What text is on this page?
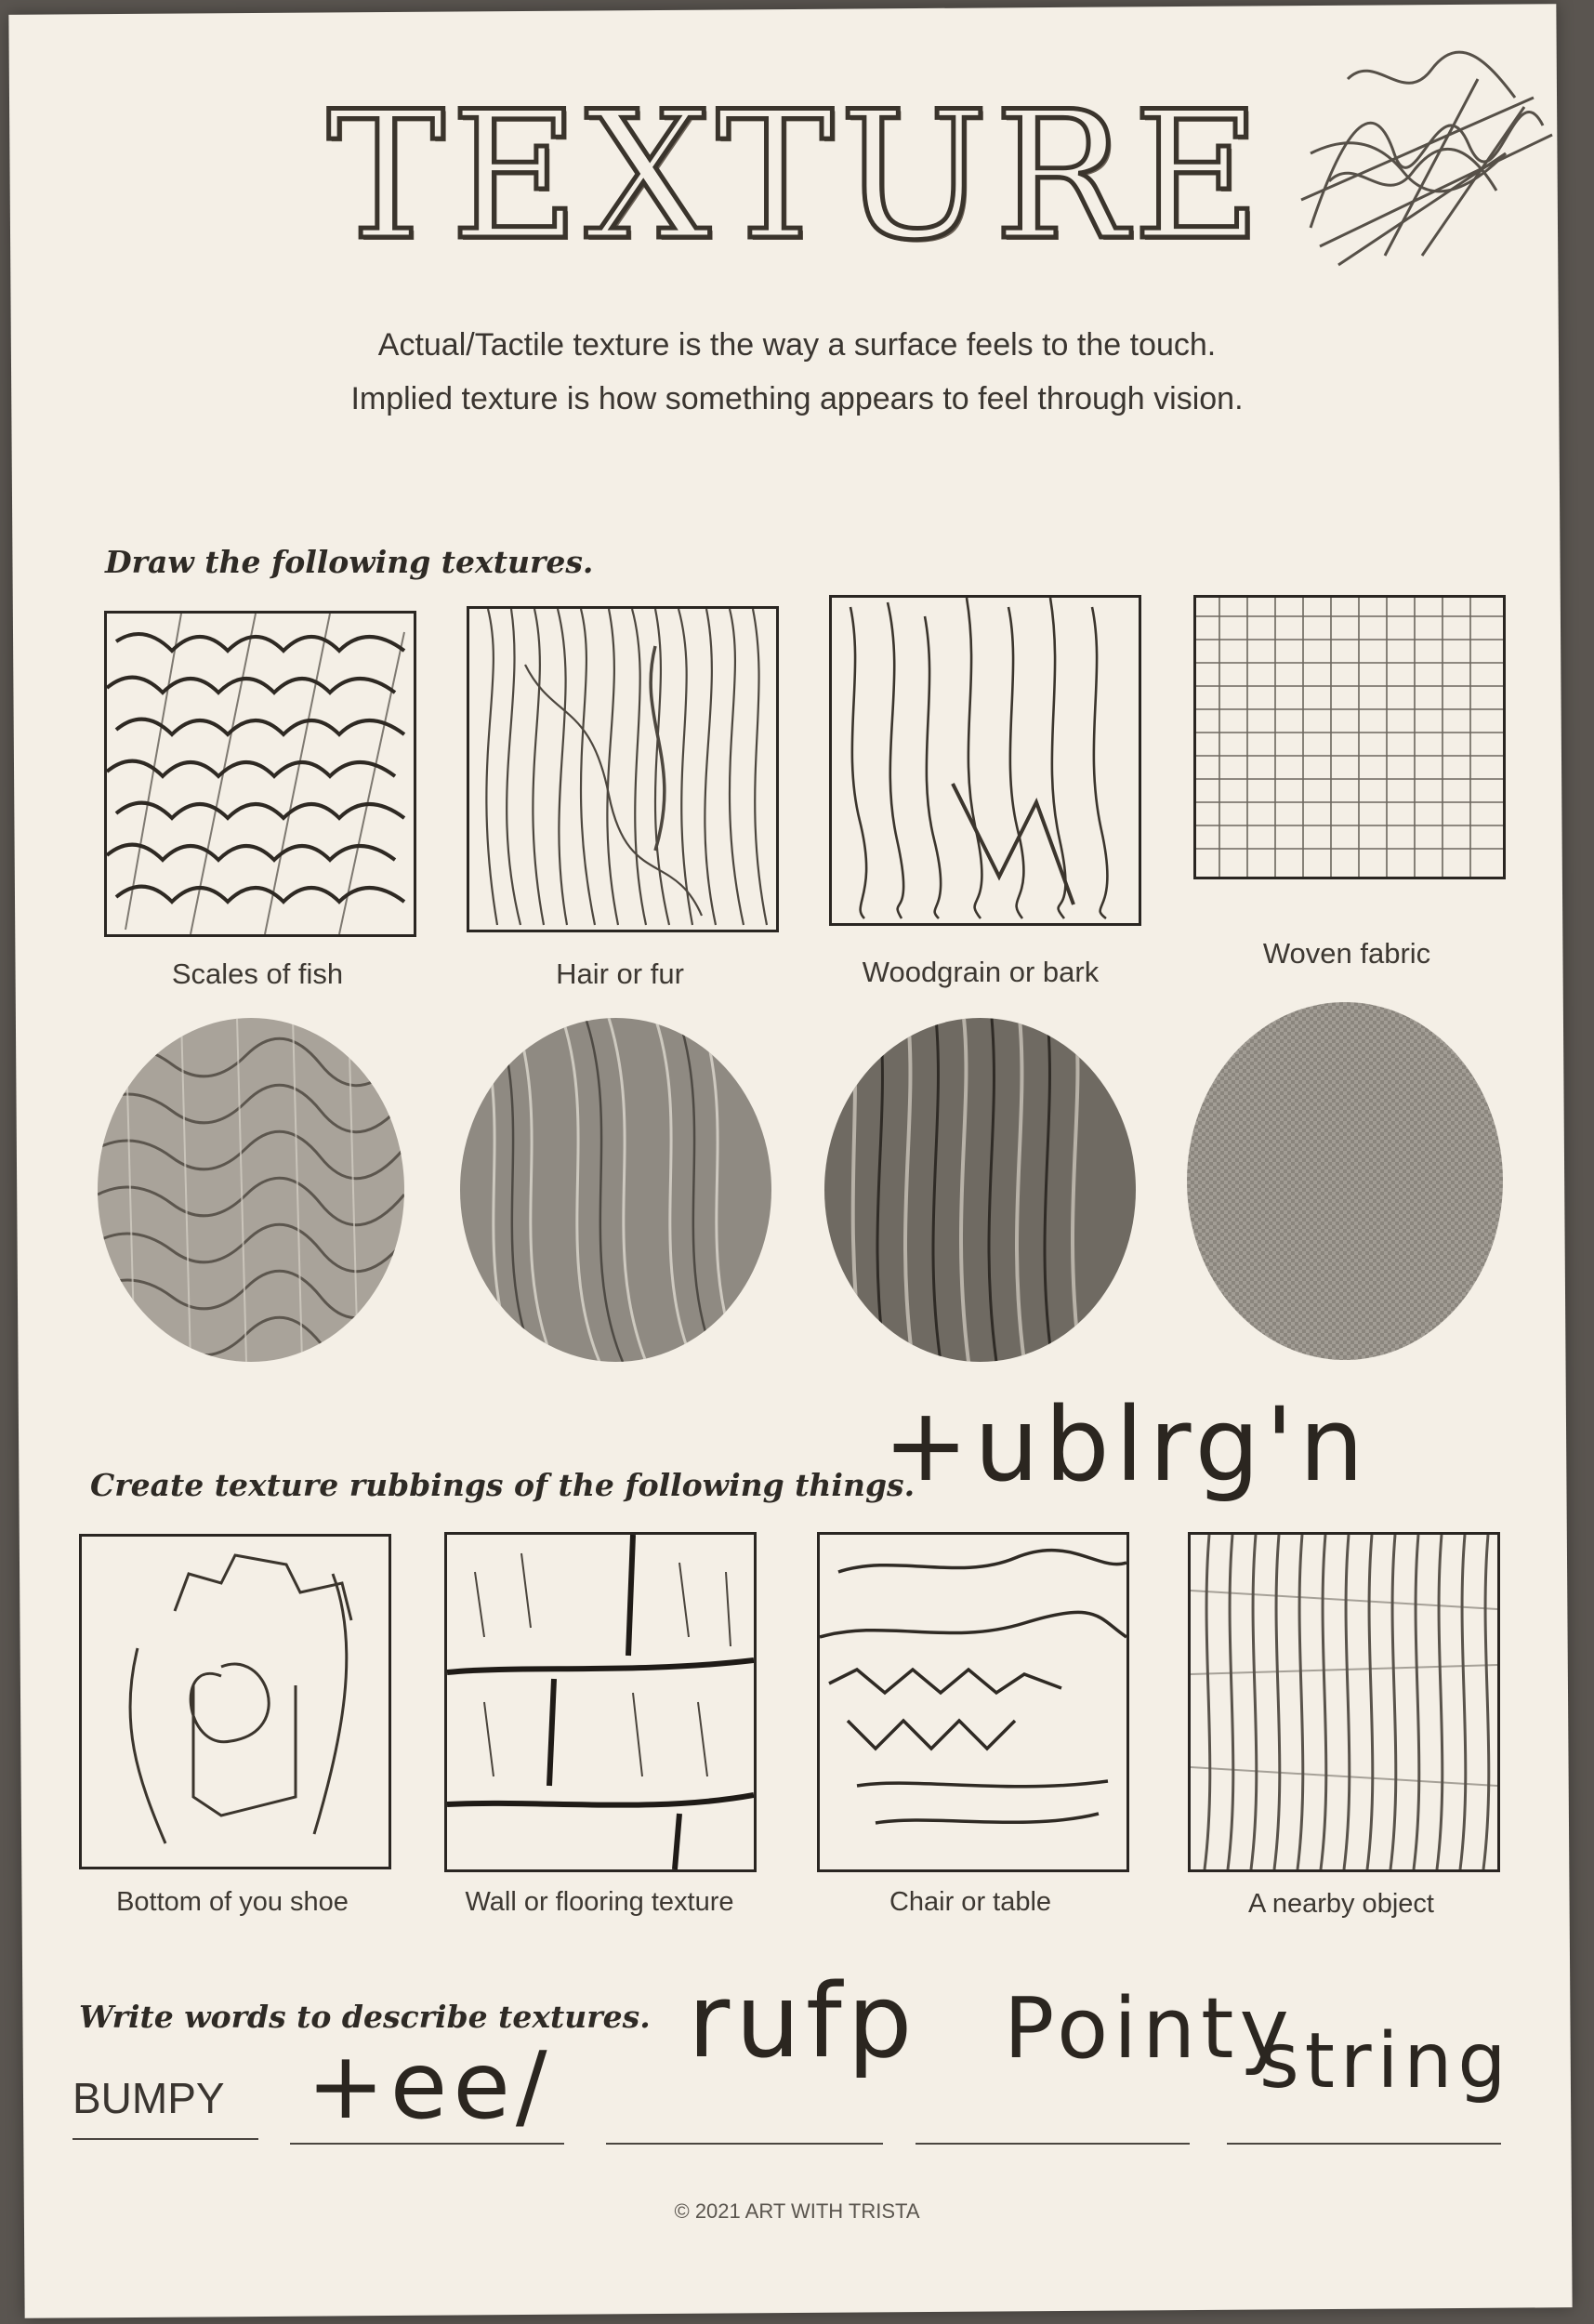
TEXTURE
Actual/Tactile texture is the way a surface feels to the touch.
Implied texture is how something appears to feel through vision.
Draw the following textures.
Scales of fish	Hair or fur	Woodgrain or bark
Woven fabric
Create texture rubbings of the following things.
+ublrg'n
Bottom of you shoe	Wall or flooring texture	Chair or table	A nearby object
Write words to describe textures.
BUMPY +ee/
rufp Pointy
string
© 2021 ART WITH TRISTA
